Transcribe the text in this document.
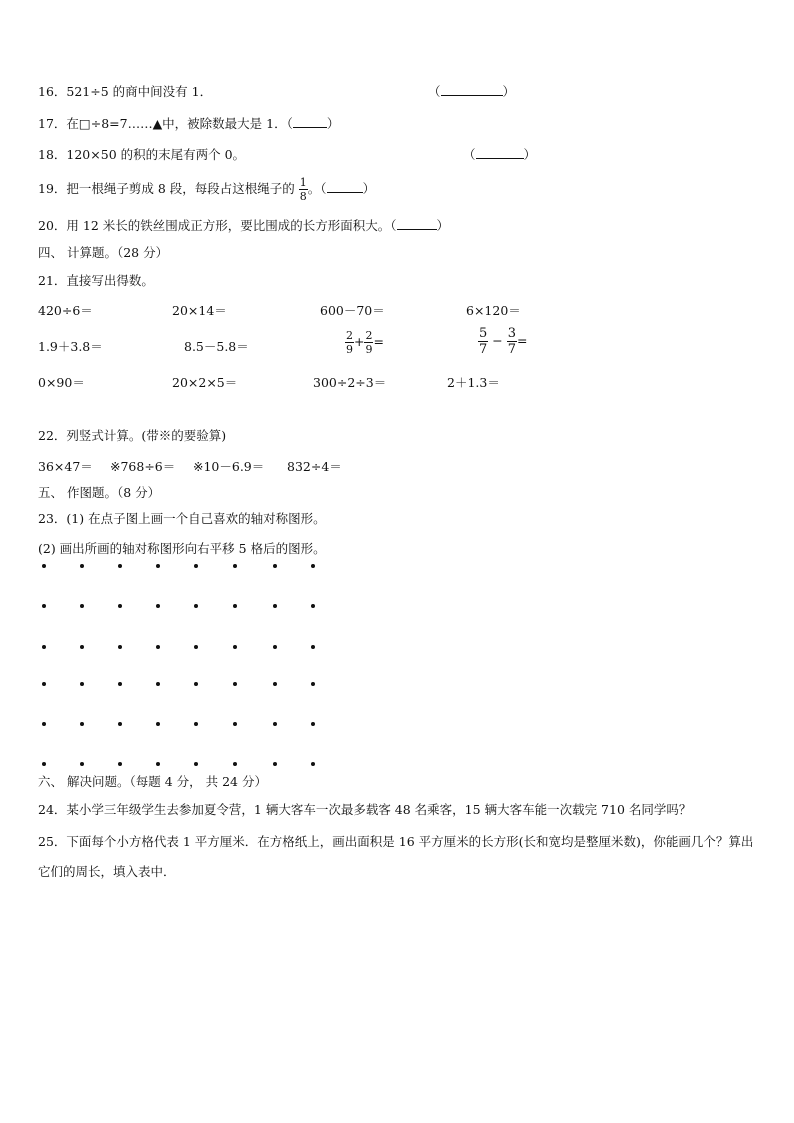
16．521÷5 的商中间没有 1．	（	）
17．在□÷8=7……▲中，被除数最大是 1．（	）
18．120×50 的积的末尾有两个 0。	（	）
19．把一根绳子剪成 8 段，每段占这根绳子的 $\frac{1}{8}$ 。（	）
20．用 12 米长的铁丝围成正方形，要比围成的长方形面积大。（	）
四、 计算题。（28 分）
21．直接写出得数。
420÷6＝	20×14＝	600－70＝	6×120＝
1.9＋3.8＝	8.5－5.8＝	$\frac{2}{9} + \frac{2}{9}$ =	$\frac{5}{7} - \frac{3}{7}$ =
0×90＝	20×2×5＝	300÷2÷3＝	2＋1.3＝
22．列竖式计算。(带※的要验算)
36×47＝ ※768÷6＝ ※10－6.9＝ 832÷4＝
五、 作图题。（8 分）
23．(1) 在点子图上画一个自己喜欢的轴对称图形。
(2) 画出所画的轴对称图形向右平移 5 格后的图形。
六、 解决问题。（每题 4 分， 共 24 分）
24．某小学三年级学生去参加夏令营，1 辆大客车一次最多载客 48 名乘客，15 辆大客车能一次载完 710 名同学吗？
25．下面每个小方格代表 1 平方厘米．在方格纸上，画出面积是 16 平方厘米的长方形(长和宽均是整厘米数)，你能画几个？算出它们的周长，填入表中．
